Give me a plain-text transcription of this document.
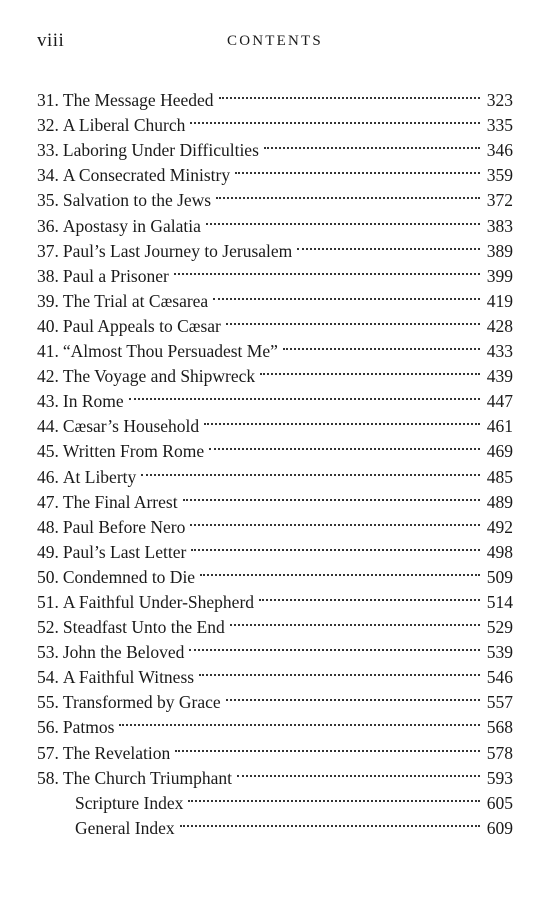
viii	CONTENTS
31. The Message Heeded	323
32. A Liberal Church	335
33. Laboring Under Difficulties	346
34. A Consecrated Ministry	359
35. Salvation to the Jews	372
36. Apostasy in Galatia	383
37. Paul’s Last Journey to Jerusalem	389
38. Paul a Prisoner	399
39. The Trial at Cæsarea	419
40. Paul Appeals to Cæsar	428
41. “Almost Thou Persuadest Me”	433
42. The Voyage and Shipwreck	439
43. In Rome	447
44. Cæsar’s Household	461
45. Written From Rome	469
46. At Liberty	485
47. The Final Arrest	489
48. Paul Before Nero	492
49. Paul’s Last Letter	498
50. Condemned to Die	509
51. A Faithful Under-Shepherd	514
52. Steadfast Unto the End	529
53. John the Beloved	539
54. A Faithful Witness	546
55. Transformed by Grace	557
56. Patmos	568
57. The Revelation	578
58. The Church Triumphant	593
Scripture Index	605
General Index	609
